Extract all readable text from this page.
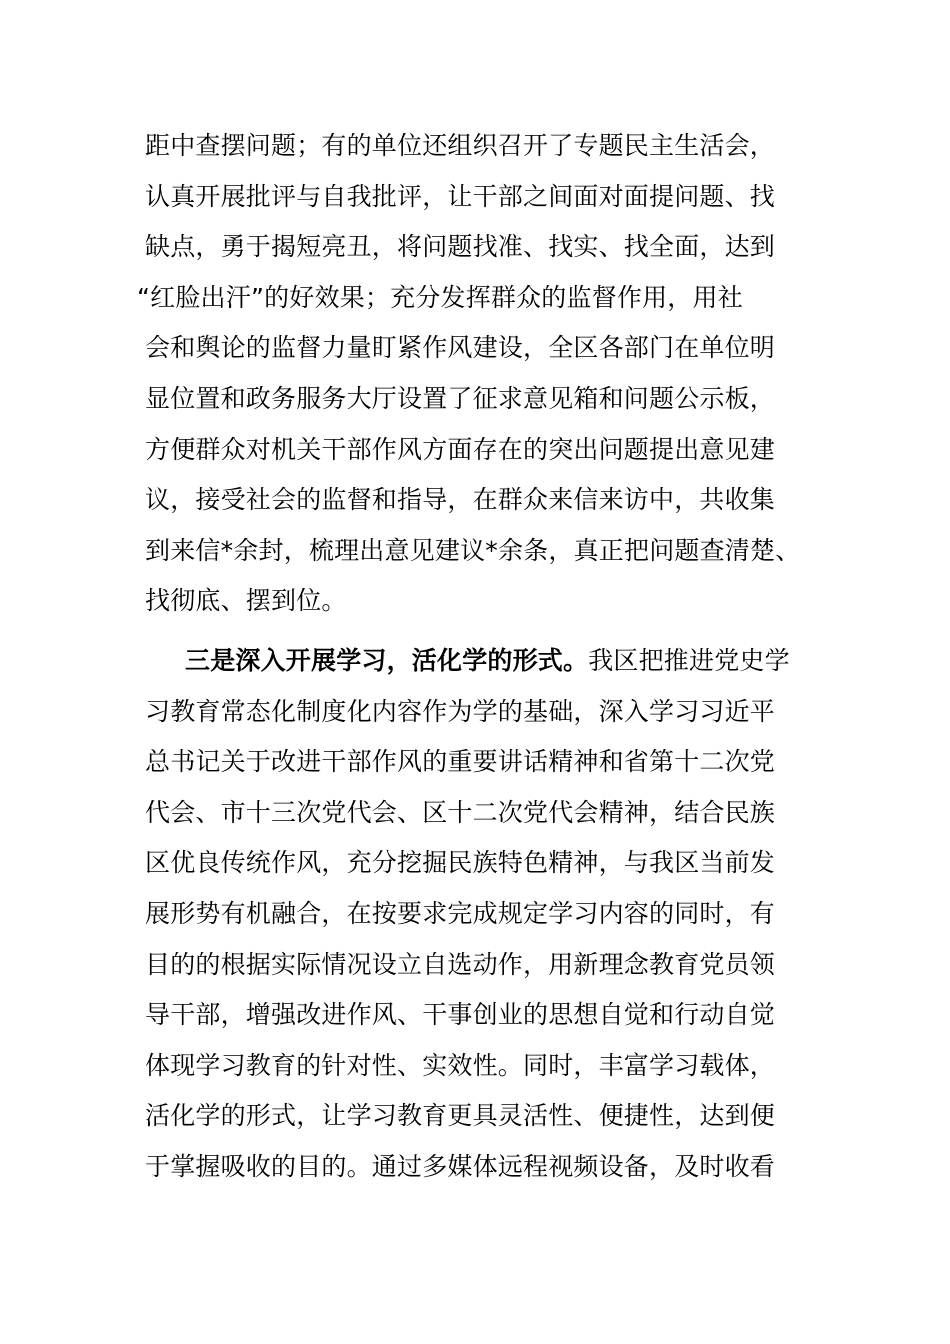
距中查摆问题；有的单位还组织召开了专题民主生活会，
认真开展批评与自我批评，让干部之间面对面提问题、找
缺点，勇于揭短亮丑，将问题找准、找实、找全面，达到
“红脸出汗”的好效果；充分发挥群众的监督作用，用社
会和舆论的监督力量盯紧作风建设，全区各部门在单位明
显位置和政务服务大厅设置了征求意见箱和问题公示板，
方便群众对机关干部作风方面存在的突出问题提出意见建
议，接受社会的监督和指导，在群众来信来访中，共收集
到来信*余封，梳理出意见建议*余条，真正把问题查清楚、
找彻底、摆到位。
三是深入开展学习，活化学的形式。我区把推进党史学
习教育常态化制度化内容作为学的基础，深入学习习近平
总书记关于改进干部作风的重要讲话精神和省第十二次党
代会、市十三次党代会、区十二次党代会精神，结合民族
区优良传统作风，充分挖掘民族特色精神，与我区当前发
展形势有机融合，在按要求完成规定学习内容的同时，有
目的的根据实际情况设立自选动作，用新理念教育党员领
导干部，增强改进作风、干事创业的思想自觉和行动自觉
体现学习教育的针对性、实效性。同时，丰富学习载体，
活化学的形式，让学习教育更具灵活性、便捷性，达到便
于掌握吸收的目的。通过多媒体远程视频设备，及时收看
